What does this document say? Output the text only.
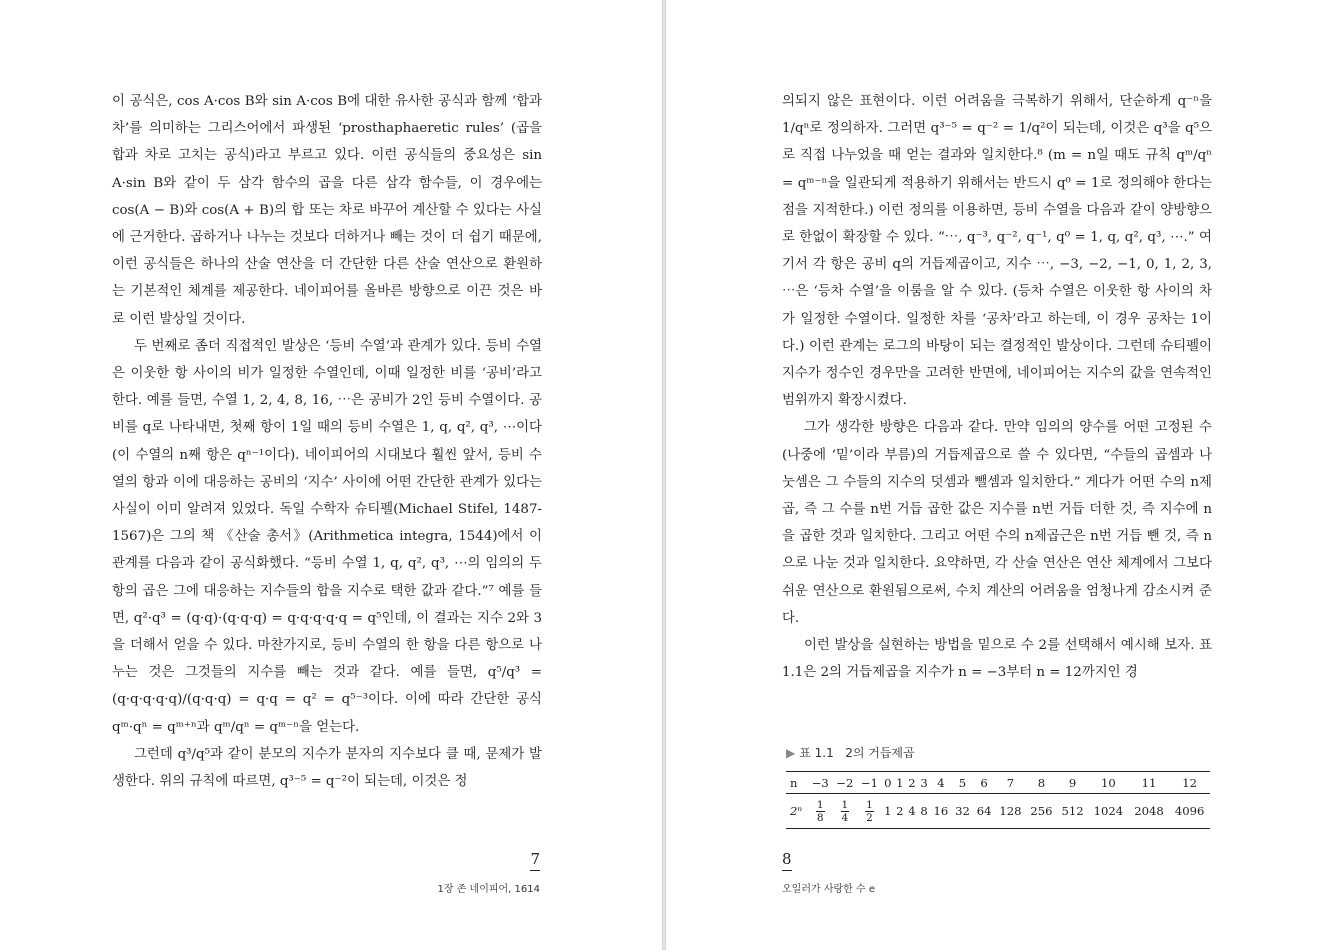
이 공식은, cos A·cos B와 sin A·cos B에 대한 유사한 공식과 함께 ‘합과 차’를 의미하는 그리스어에서 파생된 ‘prosthaphaeretic rules’ (곱을 합과 차로 고치는 공식)라고 부르고 있다. 이런 공식들의 중요성은 sin A·sin B와 같이 두 삼각 함수의 곱을 다른 삼각 함수들, 이 경우에는 cos(A − B)와 cos(A + B)의 합 또는 차로 바꾸어 계산할 수 있다는 사실에 근거한다. 곱하거나 나누는 것보다 더하거나 빼는 것이 더 쉽기 때문에, 이런 공식들은 하나의 산술 연산을 더 간단한 다른 산술 연산으로 환원하는 기본적인 체계를 제공한다. 네이피어를 올바른 방향으로 이끈 것은 바로 이런 발상일 것이다.

두 번째로 좀더 직접적인 발상은 ‘등비 수열’과 관계가 있다. 등비 수열은 이웃한 항 사이의 비가 일정한 수열인데, 이때 일정한 비를 ‘공비’라고 한다. 예를 들면, 수열 1, 2, 4, 8, 16, ⋯은 공비가 2인 등비 수열이다. 공비를 q로 나타내면, 첫째 항이 1일 때의 등비 수열은 1, q, q², q³, ⋯이다(이 수열의 n째 항은 qⁿ⁻¹이다). 네이피어의 시대보다 훨씬 앞서, 등비 수열의 항과 이에 대응하는 공비의 ‘지수’ 사이에 어떤 간단한 관계가 있다는 사실이 이미 알려져 있었다. 독일 수학자 슈티펠(Michael Stifel, 1487-1567)은 그의 책 《산술 총서》(Arithmetica integra, 1544)에서 이 관계를 다음과 같이 공식화했다. “등비 수열 1, q, q², q³, ⋯의 임의의 두 항의 곱은 그에 대응하는 지수들의 합을 지수로 택한 값과 같다.”⁷ 예를 들면, q²·q³ = (q·q)·(q·q·q) = q·q·q·q·q = q⁵인데, 이 결과는 지수 2와 3을 더해서 얻을 수 있다. 마찬가지로, 등비 수열의 한 항을 다른 항으로 나누는 것은 그것들의 지수를 빼는 것과 같다. 예를 들면, q⁵/q³ = (q·q·q·q·q)/(q·q·q) = q·q = q² = q⁵⁻³이다. 이에 따라 간단한 공식 qᵐ·qⁿ = qᵐ⁺ⁿ과 qᵐ/qⁿ = qᵐ⁻ⁿ을 얻는다.

그런데 q³/q⁵과 같이 분모의 지수가 분자의 지수보다 클 때, 문제가 발생한다. 위의 규칙에 따르면, q³⁻⁵ = q⁻²이 되는데, 이것은 정

7
1장 존 네이피어, 1614

의되지 않은 표현이다. 이런 어려움을 극복하기 위해서, 단순하게 q⁻ⁿ을 1/qⁿ로 정의하자. 그러면 q³⁻⁵ = q⁻² = 1/q²이 되는데, 이것은 q³을 q⁵으로 직접 나누었을 때 얻는 결과와 일치한다.⁸ (m = n일 때도 규칙 qᵐ/qⁿ = qᵐ⁻ⁿ을 일관되게 적용하기 위해서는 반드시 q⁰ = 1로 정의해야 한다는 점을 지적한다.) 이런 정의를 이용하면, 등비 수열을 다음과 같이 양방향으로 한없이 확장할 수 있다. “⋯, q⁻³, q⁻², q⁻¹, q⁰ = 1, q, q², q³, ⋯.” 여기서 각 항은 공비 q의 거듭제곱이고, 지수 ⋯, −3, −2, −1, 0, 1, 2, 3, ⋯은 ‘등차 수열’을 이룸을 알 수 있다. (등차 수열은 이웃한 항 사이의 차가 일정한 수열이다. 일정한 차를 ‘공차’라고 하는데, 이 경우 공차는 1이다.) 이런 관계는 로그의 바탕이 되는 결정적인 발상이다. 그런데 슈티펠이 지수가 정수인 경우만을 고려한 반면에, 네이피어는 지수의 값을 연속적인 범위까지 확장시켰다.

그가 생각한 방향은 다음과 같다. 만약 임의의 양수를 어떤 고정된 수(나중에 ‘밑’이라 부름)의 거듭제곱으로 쓸 수 있다면, “수들의 곱셈과 나눗셈은 그 수들의 지수의 덧셈과 뺄셈과 일치한다.” 게다가 어떤 수의 n제곱, 즉 그 수를 n번 거듭 곱한 값은 지수를 n번 거듭 더한 것, 즉 지수에 n을 곱한 것과 일치한다. 그리고 어떤 수의 n제곱근은 n번 거듭 뺀 것, 즉 n으로 나눈 것과 일치한다. 요약하면, 각 산술 연산은 연산 체계에서 그보다 쉬운 연산으로 환원됨으로써, 수치 계산의 어려움을 엄청나게 감소시켜 준다.

이런 발상을 실현하는 방법을 밑으로 수 2를 선택해서 예시해 보자. 표 1.1은 2의 거듭제곱을 지수가 n = −3부터 n = 12까지인 경

▶ 표 1.1 2의 거듭제곱
n	−3	−2	−1	0	1	2	3	4	5	6	7	8	9	10	11	12
2ⁿ	$\frac{1}{8}$	$\frac{1}{4}$	$\frac{1}{2}$	1	2	4	8	16	32	64	128	256	512	1024	2048	4096
8
오일러가 사랑한 수 e
